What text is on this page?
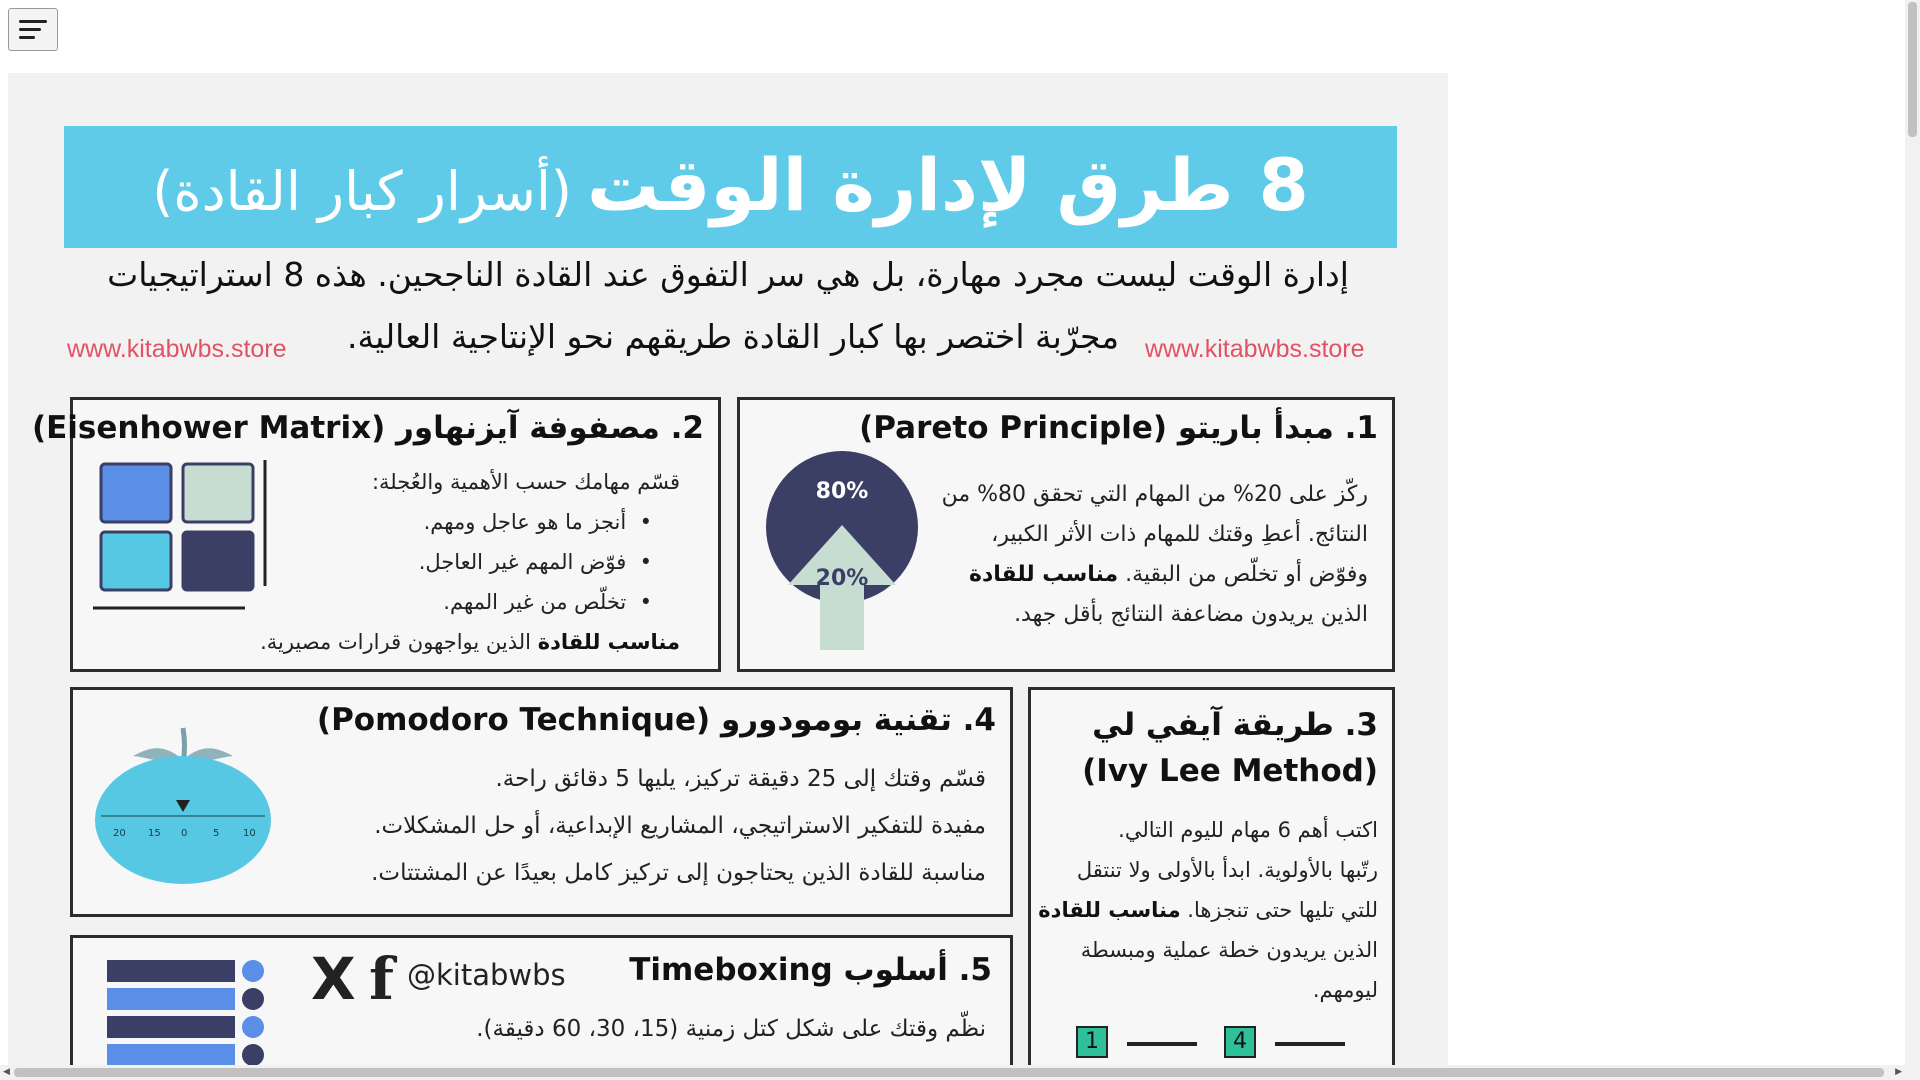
8 طرق لإدارة الوقت (أسرار كبار القادة)
إدارة الوقت ليست مجرد مهارة، بل هي سر التفوق عند القادة الناجحين. هذه 8 استراتيجيات
مجرّبة اختصر بها كبار القادة طريقهم نحو الإنتاجية العالية.
www.kitabwbs.store	www.kitabwbs.store
1. مبدأ باريتو (Pareto Principle)
80%
20%
ركّز على 20% من المهام التي تحقق 80% من
النتائج. أعطِ وقتك للمهام ذات الأثر الكبير،
وفوّض أو تخلّص من البقية. مناسب للقادة
الذين يريدون مضاعفة النتائج بأقل جهد.
2. مصفوفة آيزنهاور (Eisenhower Matrix)
قسّم مهامك حسب الأهمية والعُجلة:
•  أنجز ما هو عاجل ومهم.
•  فوّض المهم غير العاجل.
•  تخلّص من غير المهم.
مناسب للقادة الذين يواجهون قرارات مصيرية.
3. طريقة آيفي لي
(Ivy Lee Method)
اكتب أهم 6 مهام لليوم التالي.
رتّبها بالأولوية. ابدأ بالأولى ولا تنتقل
للتي تليها حتى تنجزها. مناسب للقادة
الذين يريدون خطة عملية ومبسطة
ليومهم.
1	4
4. تقنية بومودورو (Pomodoro Technique)
20 15 0	5 10
قسّم وقتك إلى 25 دقيقة تركيز، يليها 5 دقائق راحة.
مفيدة للتفكير الاستراتيجي، المشاريع الإبداعية، أو حل المشكلات.
مناسبة للقادة الذين يحتاجون إلى تركيز كامل بعيدًا عن المشتتات.
5. أسلوب Timeboxing
X f @kitabwbs
نظّم وقتك على شكل كتل زمنية (15، 30، 60 دقيقة).
◀	▶
